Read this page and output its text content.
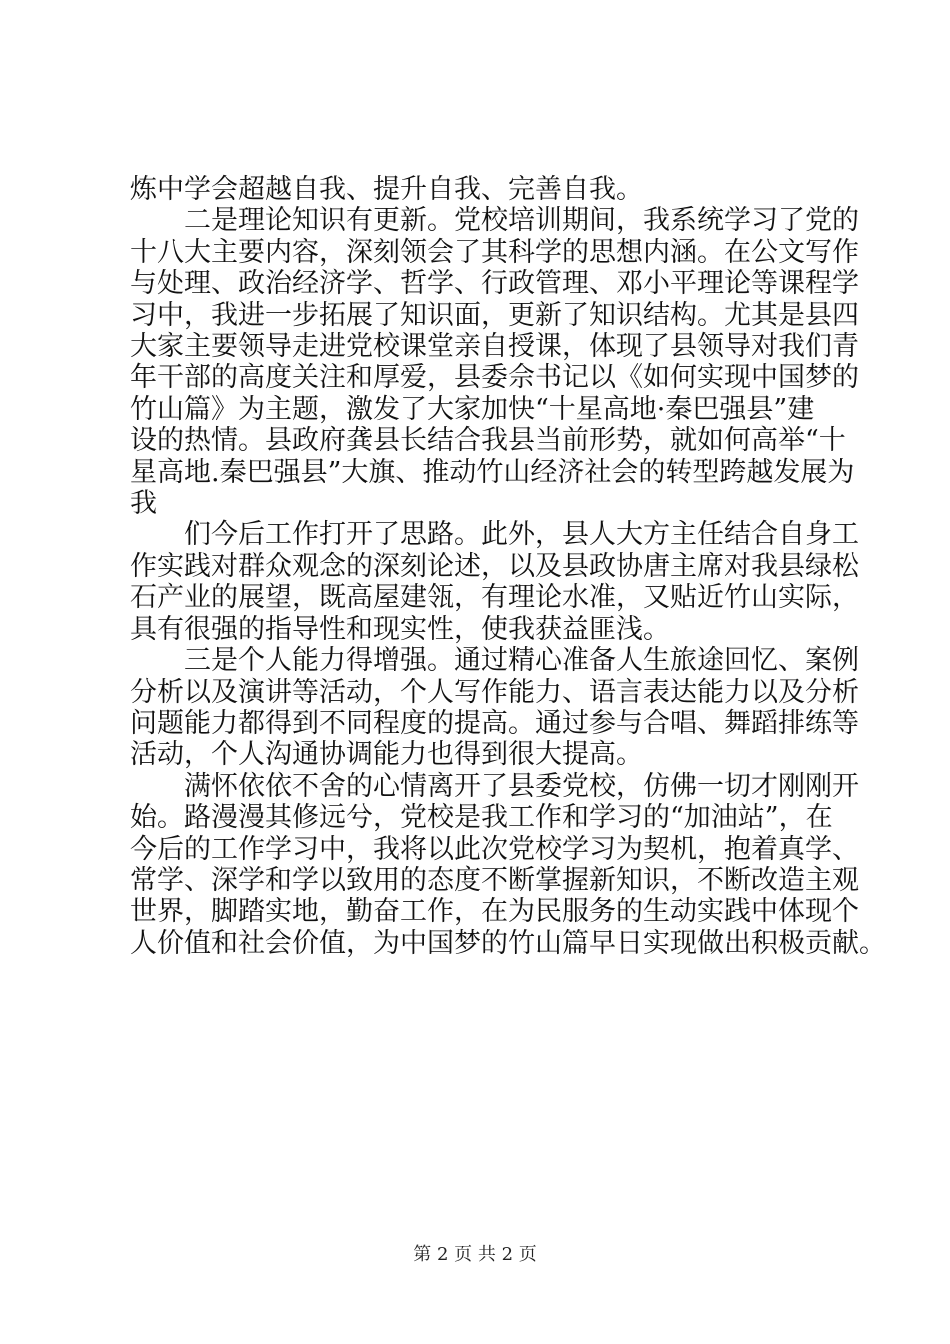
炼中学会超越自我、提升自我、完善自我。

　　二是理论知识有更新。党校培训期间，我系统学习了党的

十八大主要内容，深刻领会了其科学的思想内涵。在公文写作

与处理、政治经济学、哲学、行政管理、邓小平理论等课程学

习中，我进一步拓展了知识面，更新了知识结构。尤其是县四

大家主要领导走进党校课堂亲自授课，体现了县领导对我们青

年干部的高度关注和厚爱，县委佘书记以《如何实现中国梦的

竹山篇》为主题，激发了大家加快“十星高地·秦巴强县”建

设的热情。县政府龚县长结合我县当前形势，就如何高举“十

星高地.秦巴强县”大旗、推动竹山经济社会的转型跨越发展为

我

　　们今后工作打开了思路。此外，县人大方主任结合自身工

作实践对群众观念的深刻论述，以及县政协唐主席对我县绿松

石产业的展望，既高屋建瓴，有理论水准，又贴近竹山实际，

具有很强的指导性和现实性，使我获益匪浅。

　　三是个人能力得增强。通过精心准备人生旅途回忆、案例

分析以及演讲等活动，个人写作能力、语言表达能力以及分析

问题能力都得到不同程度的提高。通过参与合唱、舞蹈排练等

活动，个人沟通协调能力也得到很大提高。

　　满怀依依不舍的心情离开了县委党校，仿佛一切才刚刚开

始。路漫漫其修远兮，党校是我工作和学习的“加油站”，在

今后的工作学习中，我将以此次党校学习为契机，抱着真学、

常学、深学和学以致用的态度不断掌握新知识，不断改造主观

世界，脚踏实地，勤奋工作，在为民服务的生动实践中体现个

人价值和社会价值，为中国梦的竹山篇早日实现做出积极贡献。

第 2 页 共 2 页
